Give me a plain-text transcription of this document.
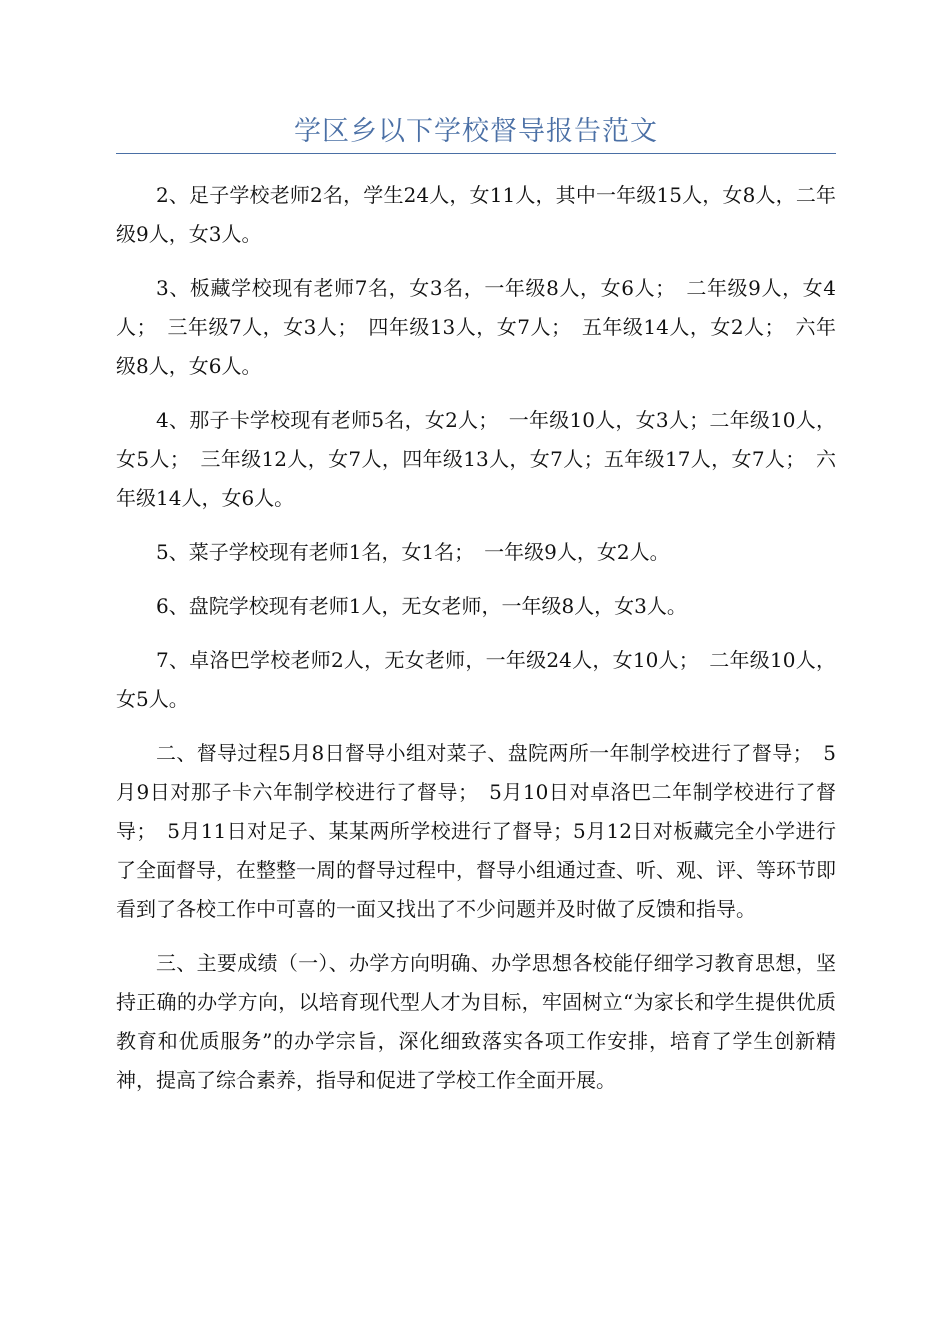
学区乡以下学校督导报告范文

2、足子学校老师2名，学生24人，女11人，其中一年级15人，女8人，二年级9人，女3人。

3、板藏学校现有老师7名，女3名，一年级8人，女6人；　二年级9人，女4人；　三年级7人，女3人；　四年级13人，女7人；　五年级14人，女2人；　六年级8人，女6人。

4、那子卡学校现有老师5名，女2人；　一年级10人，女3人；二年级10人，女5人；　三年级12人，女7人，四年级13人，女7人；五年级17人，女7人；　六年级14人，女6人。

5、菜子学校现有老师1名，女1名；　一年级9人，女2人。

6、盘院学校现有老师1人，无女老师，一年级8人，女3人。

7、卓洛巴学校老师2人，无女老师，一年级24人，女10人；　二年级10人，女5人。

二、督导过程5月8日督导小组对菜子、盘院两所一年制学校进行了督导；　5月9日对那子卡六年制学校进行了督导；　5月10日对卓洛巴二年制学校进行了督导；　5月11日对足子、某某两所学校进行了督导；5月12日对板藏完全小学进行了全面督导，在整整一周的督导过程中，督导小组通过查、听、观、评、等环节即看到了各校工作中可喜的一面又找出了不少问题并及时做了反馈和指导。

三、主要成绩（一）、办学方向明确、办学思想各校能仔细学习教育思想，坚持正确的办学方向，以培育现代型人才为目标，牢固树立“为家长和学生提供优质教育和优质服务”的办学宗旨，深化细致落实各项工作安排，培育了学生创新精神，提高了综合素养，指导和促进了学校工作全面开展。
